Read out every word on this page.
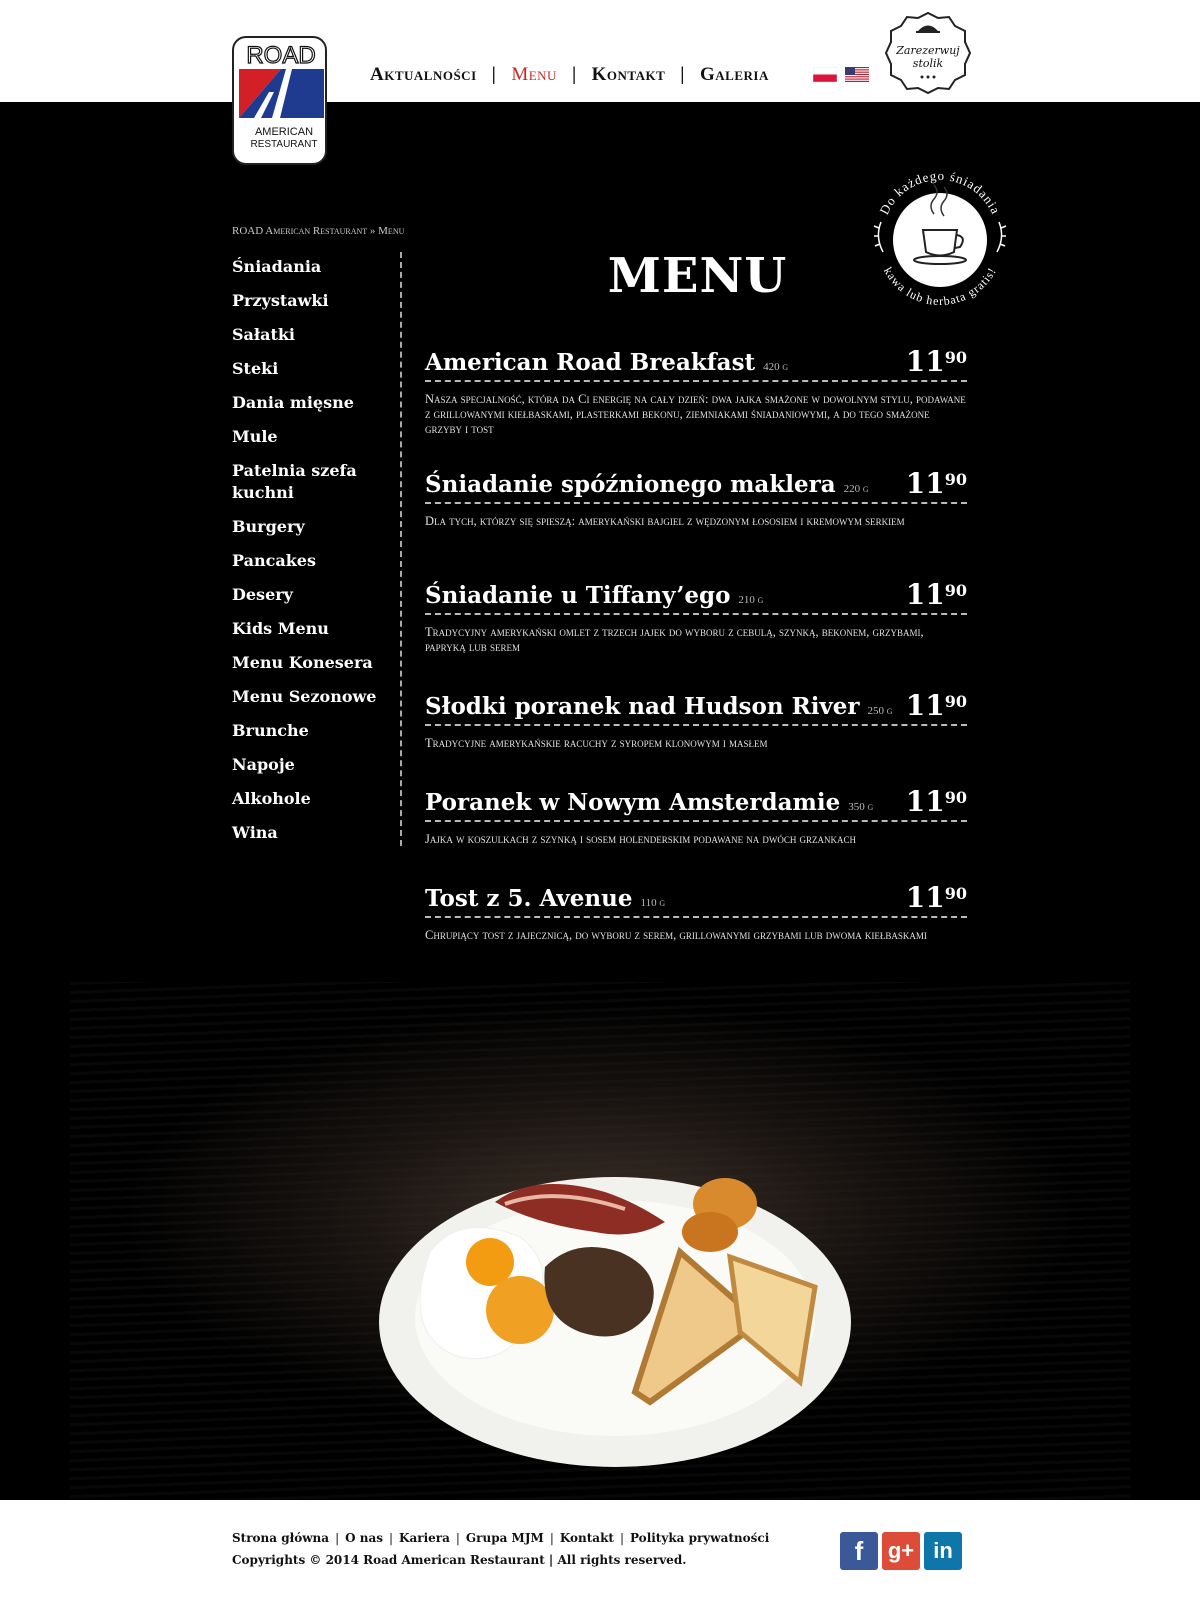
Aktualności | Menu | Kontakt | Galeria
Zarezerwuj
stolik
ROAD
AMERICAN
RESTAURANT
ROAD American Restaurant » Menu
Śniadania
Przystawki
Sałatki
Steki
Dania mięsne
Mule
Patelnia szefa kuchni
Burgery
Pancakes
Desery
Kids Menu
Menu Konesera
Menu Sezonowe
Brunche
Napoje
Alkohole
Wina
Do każdego śniadania
kawa lub herbata gratis!
MENU
American Road Breakfast 420 g	$11^{90}$
Nasza specjalność, która da Ci energię na cały dzień: dwa jajka smażone w dowolnym stylu, podawane z grillowanymi kiełbaskami, plasterkami bekonu, ziemniakami śniadaniowymi, a do tego smażone grzyby i tost
Śniadanie spóźnionego maklera 220 g $11^{90}$
Dla tych, którzy się spieszą: amerykański bajgiel z wędzonym łososiem i kremowym serkiem
Śniadanie u Tiffany’ego 210 g	$11^{90}$
Tradycyjny amerykański omlet z trzech jajek do wyboru z cebulą, szynką, bekonem, grzybami, papryką lub serem
Słodki poranek nad Hudson River 250 g $11^{90}$
Tradycyjne amerykańskie racuchy z syropem klonowym i masłem
Poranek w Nowym Amsterdamie 350 g $11^{90}$
Jajka w koszulkach z szynką i sosem holenderskim podawane na dwóch grzankach
Tost z 5. Avenue 110 g	$11^{90}$
Chrupiący tost z jajecznicą, do wyboru z serem, grillowanymi grzybami lub dwoma kiełbaskami
Strona główna | O nas | Kariera | Grupa MJM | Kontakt | Polityka prywatności
Copyrights © 2014 Road American Restaurant | All rights reserved.	f	g+ in
